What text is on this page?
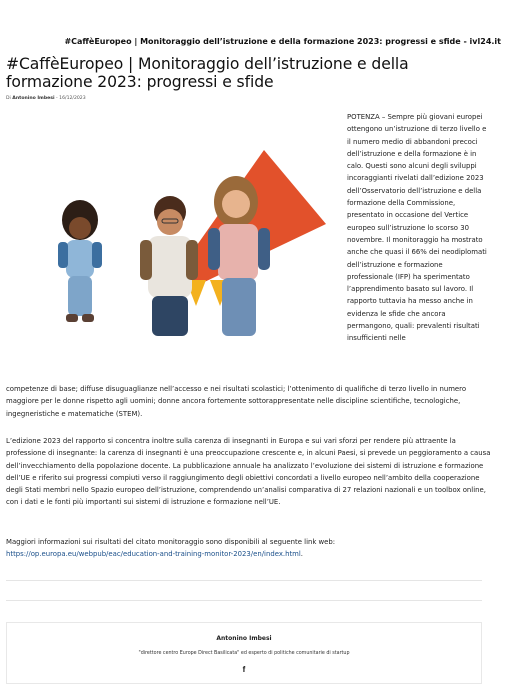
#CaffèEuropeo | Monitoraggio dell’istruzione e della formazione 2023: progressi e sfide - ivl24.it
#CaffèEuropeo | Monitoraggio dell’istruzione e della formazione 2023: progressi e sfide
Di Antonino Imbesi - 16/12/2023
POTENZA – Sempre più giovani europei ottengono un’istruzione di terzo livello e il numero medio di abbandoni precoci dell’istruzione e della formazione è in calo. Questi sono alcuni degli sviluppi incoraggianti rivelati dall’edizione 2023 dell’Osservatorio dell’istruzione e della formazione della Commissione, presentato in occasione del Vertice europeo sull’istruzione lo scorso 30 novembre. Il monitoraggio ha mostrato anche che quasi il 66% dei neodiplomati dell’istruzione e formazione professionale (IFP) ha sperimentato l’apprendimento basato sul lavoro. Il rapporto tuttavia ha messo anche in evidenza le sfide che ancora permangono, quali: prevalenti risultati insufficienti nelle

competenze di base; diffuse disuguaglianze nell’accesso e nei risultati scolastici; l’ottenimento di qualifiche di terzo livello in numero maggiore per le donne rispetto agli uomini; donne ancora fortemente sottorappresentate nelle discipline scientifiche, tecnologiche, ingegneristiche e matematiche (STEM).

L’edizione 2023 del rapporto si concentra inoltre sulla carenza di insegnanti in Europa e sui vari sforzi per rendere più attraente la professione di insegnante: la carenza di insegnanti è una preoccupazione crescente e, in alcuni Paesi, si prevede un peggioramento a causa dell’invecchiamento della popolazione docente. La pubblicazione annuale ha analizzato l’evoluzione dei sistemi di istruzione e formazione dell’UE e riferito sui progressi compiuti verso il raggiungimento degli obiettivi concordati a livello europeo nell’ambito della cooperazione degli Stati membri nello Spazio europeo dell’istruzione, comprendendo un’analisi comparativa di 27 relazioni nazionali e un toolbox online, con i dati e le fonti più importanti sui sistemi di istruzione e formazione nell’UE.

Maggiori informazioni sui risultati del citato monitoraggio sono disponibili al seguente link web:
https://op.europa.eu/webpub/eac/education-and-training-monitor-2023/en/index.html.

Antonino Imbesi
"direttore centro Europe Direct Basilicata" ed esperto di politiche comunitarie di startup
f
